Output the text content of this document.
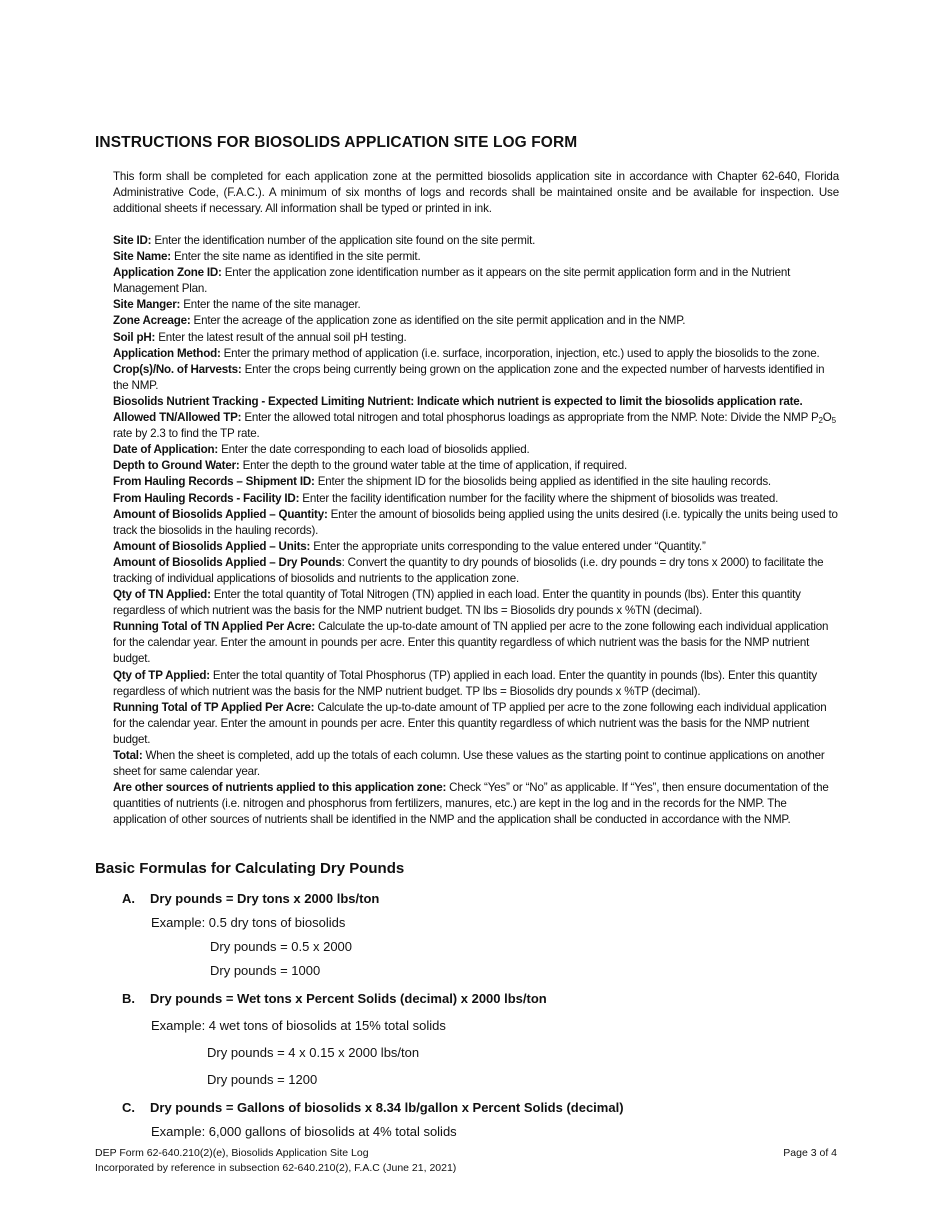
INSTRUCTIONS FOR BIOSOLIDS APPLICATION SITE LOG FORM

This form shall be completed for each application zone at the permitted biosolids application site in accordance with Chapter 62-640, Florida Administrative Code, (F.A.C.). A minimum of six months of logs and records shall be maintained onsite and be available for inspection. Use additional sheets if necessary. All information shall be typed or printed in ink.

Site ID: Enter the identification number of the application site found on the site permit.

Site Name: Enter the site name as identified in the site permit.

Application Zone ID: Enter the application zone identification number as it appears on the site permit application form and in the Nutrient Management Plan.

Site Manger: Enter the name of the site manager.

Zone Acreage: Enter the acreage of the application zone as identified on the site permit application and in the NMP.

Soil pH: Enter the latest result of the annual soil pH testing.

Application Method: Enter the primary method of application (i.e. surface, incorporation, injection, etc.) used to apply the biosolids to the zone.

Crop(s)/No. of Harvests: Enter the crops being currently being grown on the application zone and the expected number of harvests identified in the NMP.

Biosolids Nutrient Tracking - Expected Limiting Nutrient: Indicate which nutrient is expected to limit the biosolids application rate.

Allowed TN/Allowed TP: Enter the allowed total nitrogen and total phosphorus loadings as appropriate from the NMP. Note: Divide the NMP $P_2O_5$ rate by 2.3 to find the TP rate.

Date of Application: Enter the date corresponding to each load of biosolids applied.

Depth to Ground Water: Enter the depth to the ground water table at the time of application, if required.

From Hauling Records – Shipment ID: Enter the shipment ID for the biosolids being applied as identified in the site hauling records.

From Hauling Records - Facility ID: Enter the facility identification number for the facility where the shipment of biosolids was treated.

Amount of Biosolids Applied – Quantity: Enter the amount of biosolids being applied using the units desired (i.e. typically the units being used to track the biosolids in the hauling records).

Amount of Biosolids Applied – Units: Enter the appropriate units corresponding to the value entered under “Quantity.”

Amount of Biosolids Applied – Dry Pounds: Convert the quantity to dry pounds of biosolids (i.e. dry pounds = dry tons x 2000) to facilitate the tracking of individual applications of biosolids and nutrients to the application zone.

Qty of TN Applied: Enter the total quantity of Total Nitrogen (TN) applied in each load. Enter the quantity in pounds (lbs). Enter this quantity regardless of which nutrient was the basis for the NMP nutrient budget. TN lbs = Biosolids dry pounds x %TN (decimal).

Running Total of TN Applied Per Acre: Calculate the up-to-date amount of TN applied per acre to the zone following each individual application for the calendar year. Enter the amount in pounds per acre. Enter this quantity regardless of which nutrient was the basis for the NMP nutrient budget.

Qty of TP Applied: Enter the total quantity of Total Phosphorus (TP) applied in each load. Enter the quantity in pounds (lbs). Enter this quantity regardless of which nutrient was the basis for the NMP nutrient budget. TP lbs = Biosolids dry pounds x %TP (decimal).

Running Total of TP Applied Per Acre: Calculate the up-to-date amount of TP applied per acre to the zone following each individual application for the calendar year. Enter the amount in pounds per acre. Enter this quantity regardless of which nutrient was the basis for the NMP nutrient budget.

Total: When the sheet is completed, add up the totals of each column. Use these values as the starting point to continue applications on another sheet for same calendar year.

Are other sources of nutrients applied to this application zone: Check “Yes” or “No” as applicable. If “Yes”, then ensure documentation of the quantities of nutrients (i.e. nitrogen and phosphorus from fertilizers, manures, etc.) are kept in the log and in the records for the NMP. The application of other sources of nutrients shall be identified in the NMP and the application shall be conducted in accordance with the NMP.

Basic Formulas for Calculating Dry Pounds

A. Dry pounds = Dry tons x 2000 lbs/ton

Example: 0.5 dry tons of biosolids

Dry pounds = 0.5 x 2000

Dry pounds = 1000

B. Dry pounds = Wet tons x Percent Solids (decimal) x 2000 lbs/ton

Example: 4 wet tons of biosolids at 15% total solids

Dry pounds = 4 x 0.15 x 2000 lbs/ton

Dry pounds = 1200

C. Dry pounds = Gallons of biosolids x 8.34 lb/gallon x Percent Solids (decimal)

Example: 6,000 gallons of biosolids at 4% total solids

DEP Form 62-640.210(2)(e), Biosolids Application Site Log

Incorporated by reference in subsection 62-640.210(2), F.A.C (June 21, 2021)

Page 3 of 4
